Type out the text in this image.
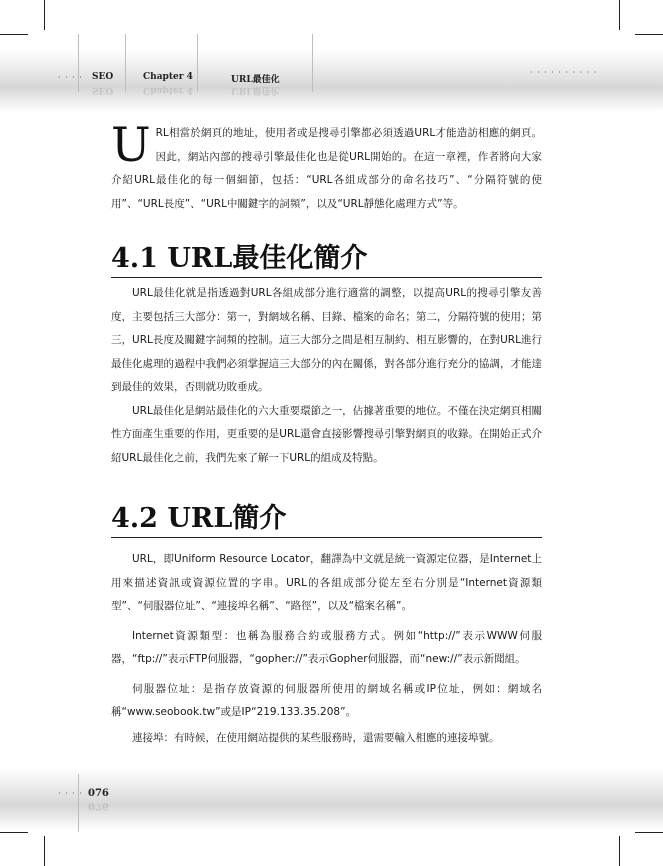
· · · · SEO	Chapter 4	URL最佳化
SEO	Chapter 4	URL最佳化
· · · · · · · · · ·

URL相當於網頁的地址，使用者或是搜尋引擎都必須透過URL才能造訪相應的網頁。因此，網站內部的搜尋引擎最佳化也是從URL開始的。在這一章裡，作者將向大家介紹URL最佳化的每一個細節，包括：“URL各組成部分的命名技巧”、“分隔符號的使用”、“URL長度”、“URL中關鍵字的詞頻”，以及“URL靜態化處理方式”等。

4.1 URL最佳化簡介

URL最佳化就是指透過對URL各組成部分進行適當的調整，以提高URL的搜尋引擎友善度，主要包括三大部分：第一，對網域名稱、目錄、檔案的命名；第二，分隔符號的使用；第三，URL長度及關鍵字詞頻的控制。這三大部分之間是相互制約、相互影響的，在對URL進行最佳化處理的過程中我們必須掌握這三大部分的內在關係，對各部分進行充分的協調，才能達到最佳的效果，否則就功敗垂成。

URL最佳化是網站最佳化的六大重要環節之一，佔據著重要的地位。不僅在決定網頁相關性方面產生重要的作用，更重要的是URL還會直接影響搜尋引擎對網頁的收錄。在開始正式介紹URL最佳化之前，我們先來了解一下URL的組成及特點。

4.2 URL簡介

URL，即Uniform Resource Locator，翻譯為中文就是統一資源定位器，是Internet上用來描述資訊或資源位置的字串。URL的各組成部分從左至右分別是“Internet資源類型”、“伺服器位址”、“連接埠名稱”、“路徑”，以及“檔案名稱”。

Internet資源類型：也稱為服務合約或服務方式。例如“http://”表示WWW伺服器，“ftp://”表示FTP伺服器，“gopher://”表示Gopher伺服器，而“new://”表示新聞組。

伺服器位址：是指存放資源的伺服器所使用的網域名稱或IP位址，例如：網域名稱“www.seobook.tw”或是IP“219.133.35.208”。

連接埠：有時候，在使用網站提供的某些服務時，還需要輸入相應的連接埠號。

· · · · 076
076
